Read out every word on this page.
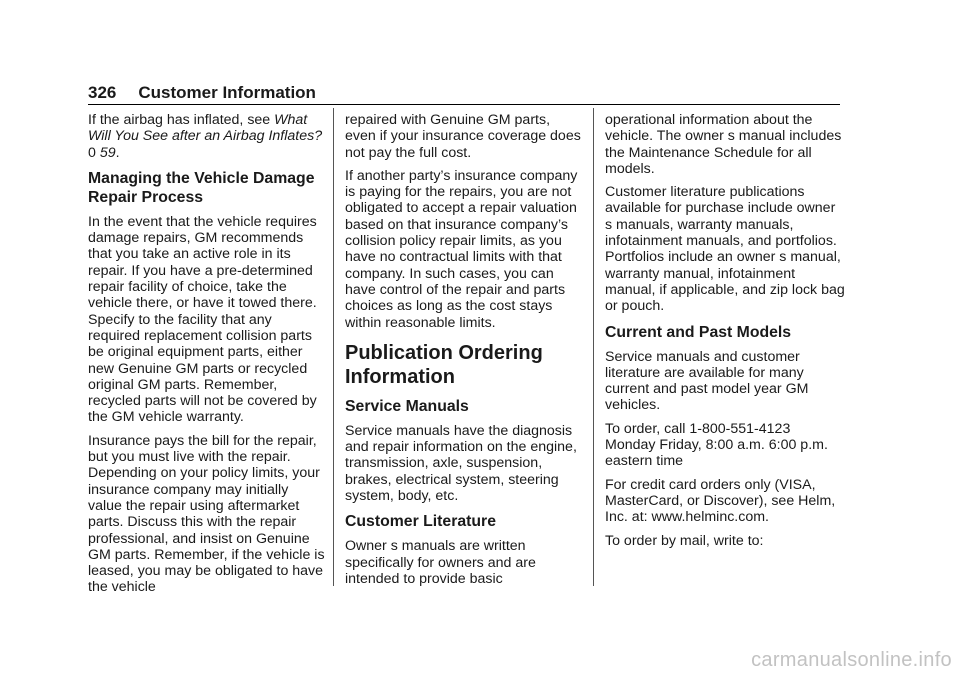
326 Customer Information

If the airbag has inflated, see What Will You See after an Airbag Inflates? 0 59.

Managing the Vehicle Damage Repair Process

In the event that the vehicle requires damage repairs, GM recommends that you take an active role in its repair. If you have a pre-determined repair facility of choice, take the vehicle there, or have it towed there. Specify to the facility that any required replacement collision parts be original equipment parts, either new Genuine GM parts or recycled original GM parts. Remember, recycled parts will not be covered by the GM vehicle warranty.

Insurance pays the bill for the repair, but you must live with the repair. Depending on your policy limits, your insurance company may initially value the repair using aftermarket parts. Discuss this with the repair professional, and insist on Genuine GM parts. Remember, if the vehicle is leased, you may be obligated to have the vehicle

repaired with Genuine GM parts, even if your insurance coverage does not pay the full cost.

If another party’s insurance company is paying for the repairs, you are not obligated to accept a repair valuation based on that insurance company’s collision policy repair limits, as you have no contractual limits with that company. In such cases, you can have control of the repair and parts choices as long as the cost stays within reasonable limits.

Publication Ordering Information
Service Manuals

Service manuals have the diagnosis and repair information on the engine, transmission, axle, suspension, brakes, electrical system, steering system, body, etc.

Customer Literature

Owner s manuals are written specifically for owners and are intended to provide basic

operational information about the vehicle. The owner s manual includes the Maintenance Schedule for all models.

Customer literature publications available for purchase include owner s manuals, warranty manuals, infotainment manuals, and portfolios. Portfolios include an owner s manual, warranty manual, infotainment manual, if applicable, and zip lock bag or pouch.

Current and Past Models

Service manuals and customer literature are available for many current and past model year GM vehicles.

To order, call 1-800-551-4123
Monday Friday, 8:00 a.m. 6:00 p.m.
eastern time

For credit card orders only (VISA, MasterCard, or Discover), see Helm, Inc. at: www.helminc.com.

To order by mail, write to:

carmanualsonline.info
